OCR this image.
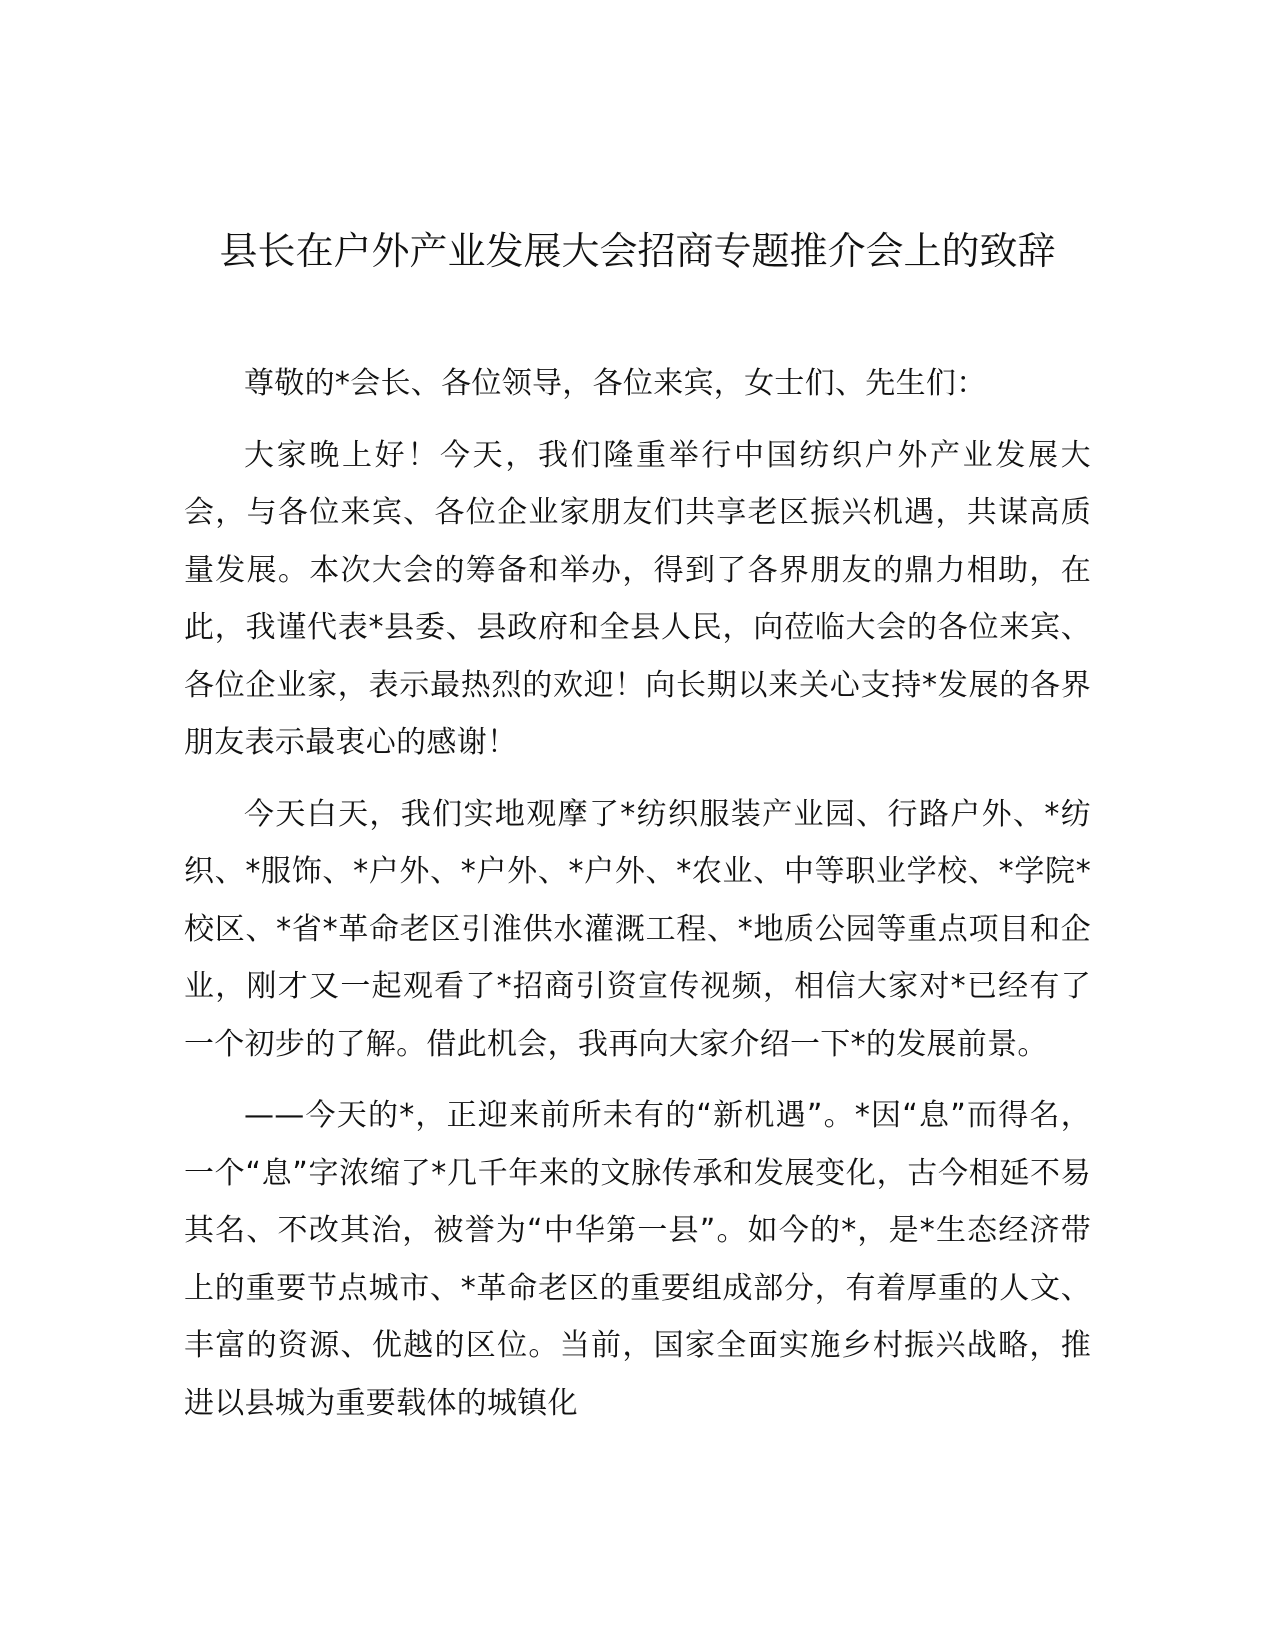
县长在户外产业发展大会招商专题推介会上的致辞

尊敬的*会长、各位领导，各位来宾，女士们、先生们：

大家晚上好！今天，我们隆重举行中国纺织户外产业发展大会，与各位来宾、各位企业家朋友们共享老区振兴机遇，共谋高质量发展。本次大会的筹备和举办，得到了各界朋友的鼎力相助，在此，我谨代表*县委、县政府和全县人民，向莅临大会的各位来宾、各位企业家，表示最热烈的欢迎！向长期以来关心支持*发展的各界朋友表示最衷心的感谢！

今天白天，我们实地观摩了*纺织服装产业园、行路户外、*纺织、*服饰、*户外、*户外、*户外、*农业、中等职业学校、*学院*校区、*省*革命老区引淮供水灌溉工程、*地质公园等重点项目和企业，刚才又一起观看了*招商引资宣传视频，相信大家对*已经有了一个初步的了解。借此机会，我再向大家介绍一下*的发展前景。

——今天的*，正迎来前所未有的“新机遇”。*因“息”而得名，一个“息”字浓缩了*几千年来的文脉传承和发展变化，古今相延不易其名、不改其治，被誉为“中华第一县”。如今的*，是*生态经济带上的重要节点城市、*革命老区的重要组成部分，有着厚重的人文、丰富的资源、优越的区位。当前，国家全面实施乡村振兴战略，推进以县城为重要载体的城镇化
